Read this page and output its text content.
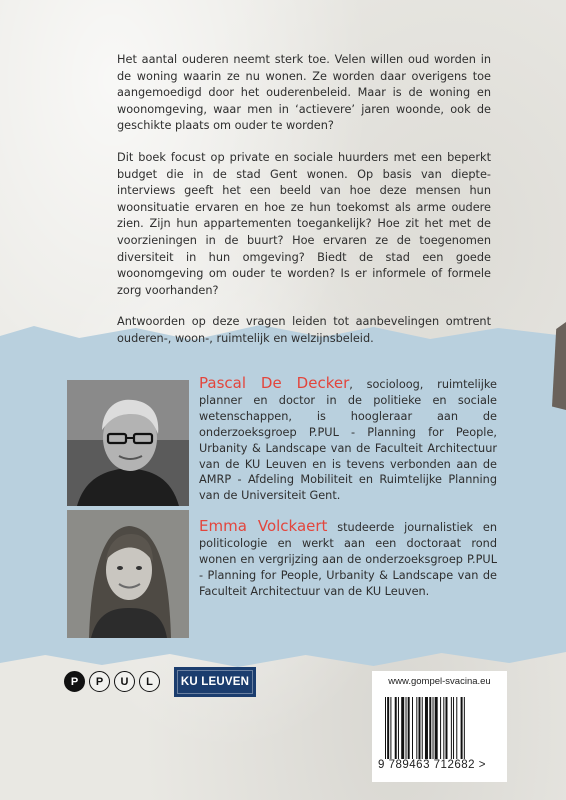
Het aantal ouderen neemt sterk toe. Velen willen oud worden in de woning waarin ze nu wonen. Ze worden daar overigens toe aangemoedigd door het ouderenbeleid. Maar is de woning en woonomgeving, waar men in ‘actievere’ jaren woonde, ook de geschikte plaats om ouder te worden?

Dit boek focust op private en sociale huurders met een beperkt budget die in de stad Gent wonen. Op basis van diepte-interviews geeft het een beeld van hoe deze mensen hun woonsituatie ervaren en hoe ze hun toekomst als arme oudere zien. Zijn hun appartementen toegankelijk? Hoe zit het met de voorzieningen in de buurt? Hoe ervaren ze de toegenomen diversiteit in hun omgeving? Biedt de stad een goede woonomgeving om ouder te worden? Is er informele of formele zorg voorhanden?

Antwoorden op deze vragen leiden tot aanbevelingen omtrent ouderen-, woon-, ruimtelijk en welzijnsbeleid.

Pascal De Decker, socioloog, ruimtelijke planner en doctor in de politieke en sociale wetenschappen, is hoogleraar aan de onderzoeksgroep P.PUL - Planning for People, Urbanity & Landscape van de Faculteit Architectuur van de KU Leuven en is tevens verbonden aan de AMRP - Afdeling Mobiliteit en Ruimtelijke Planning van de Universiteit Gent.
Emma Volckaert studeerde journalistiek en politicologie en werkt aan een doctoraat rond wonen en vergrijzing aan de onderzoeksgroep P.PUL - Planning for People, Urbanity & Landscape van de Faculteit Architectuur van de KU Leuven.
P	P	U	L	KU LEUVEN	www.gompel-svacina.eu
9 789463 712682 >
